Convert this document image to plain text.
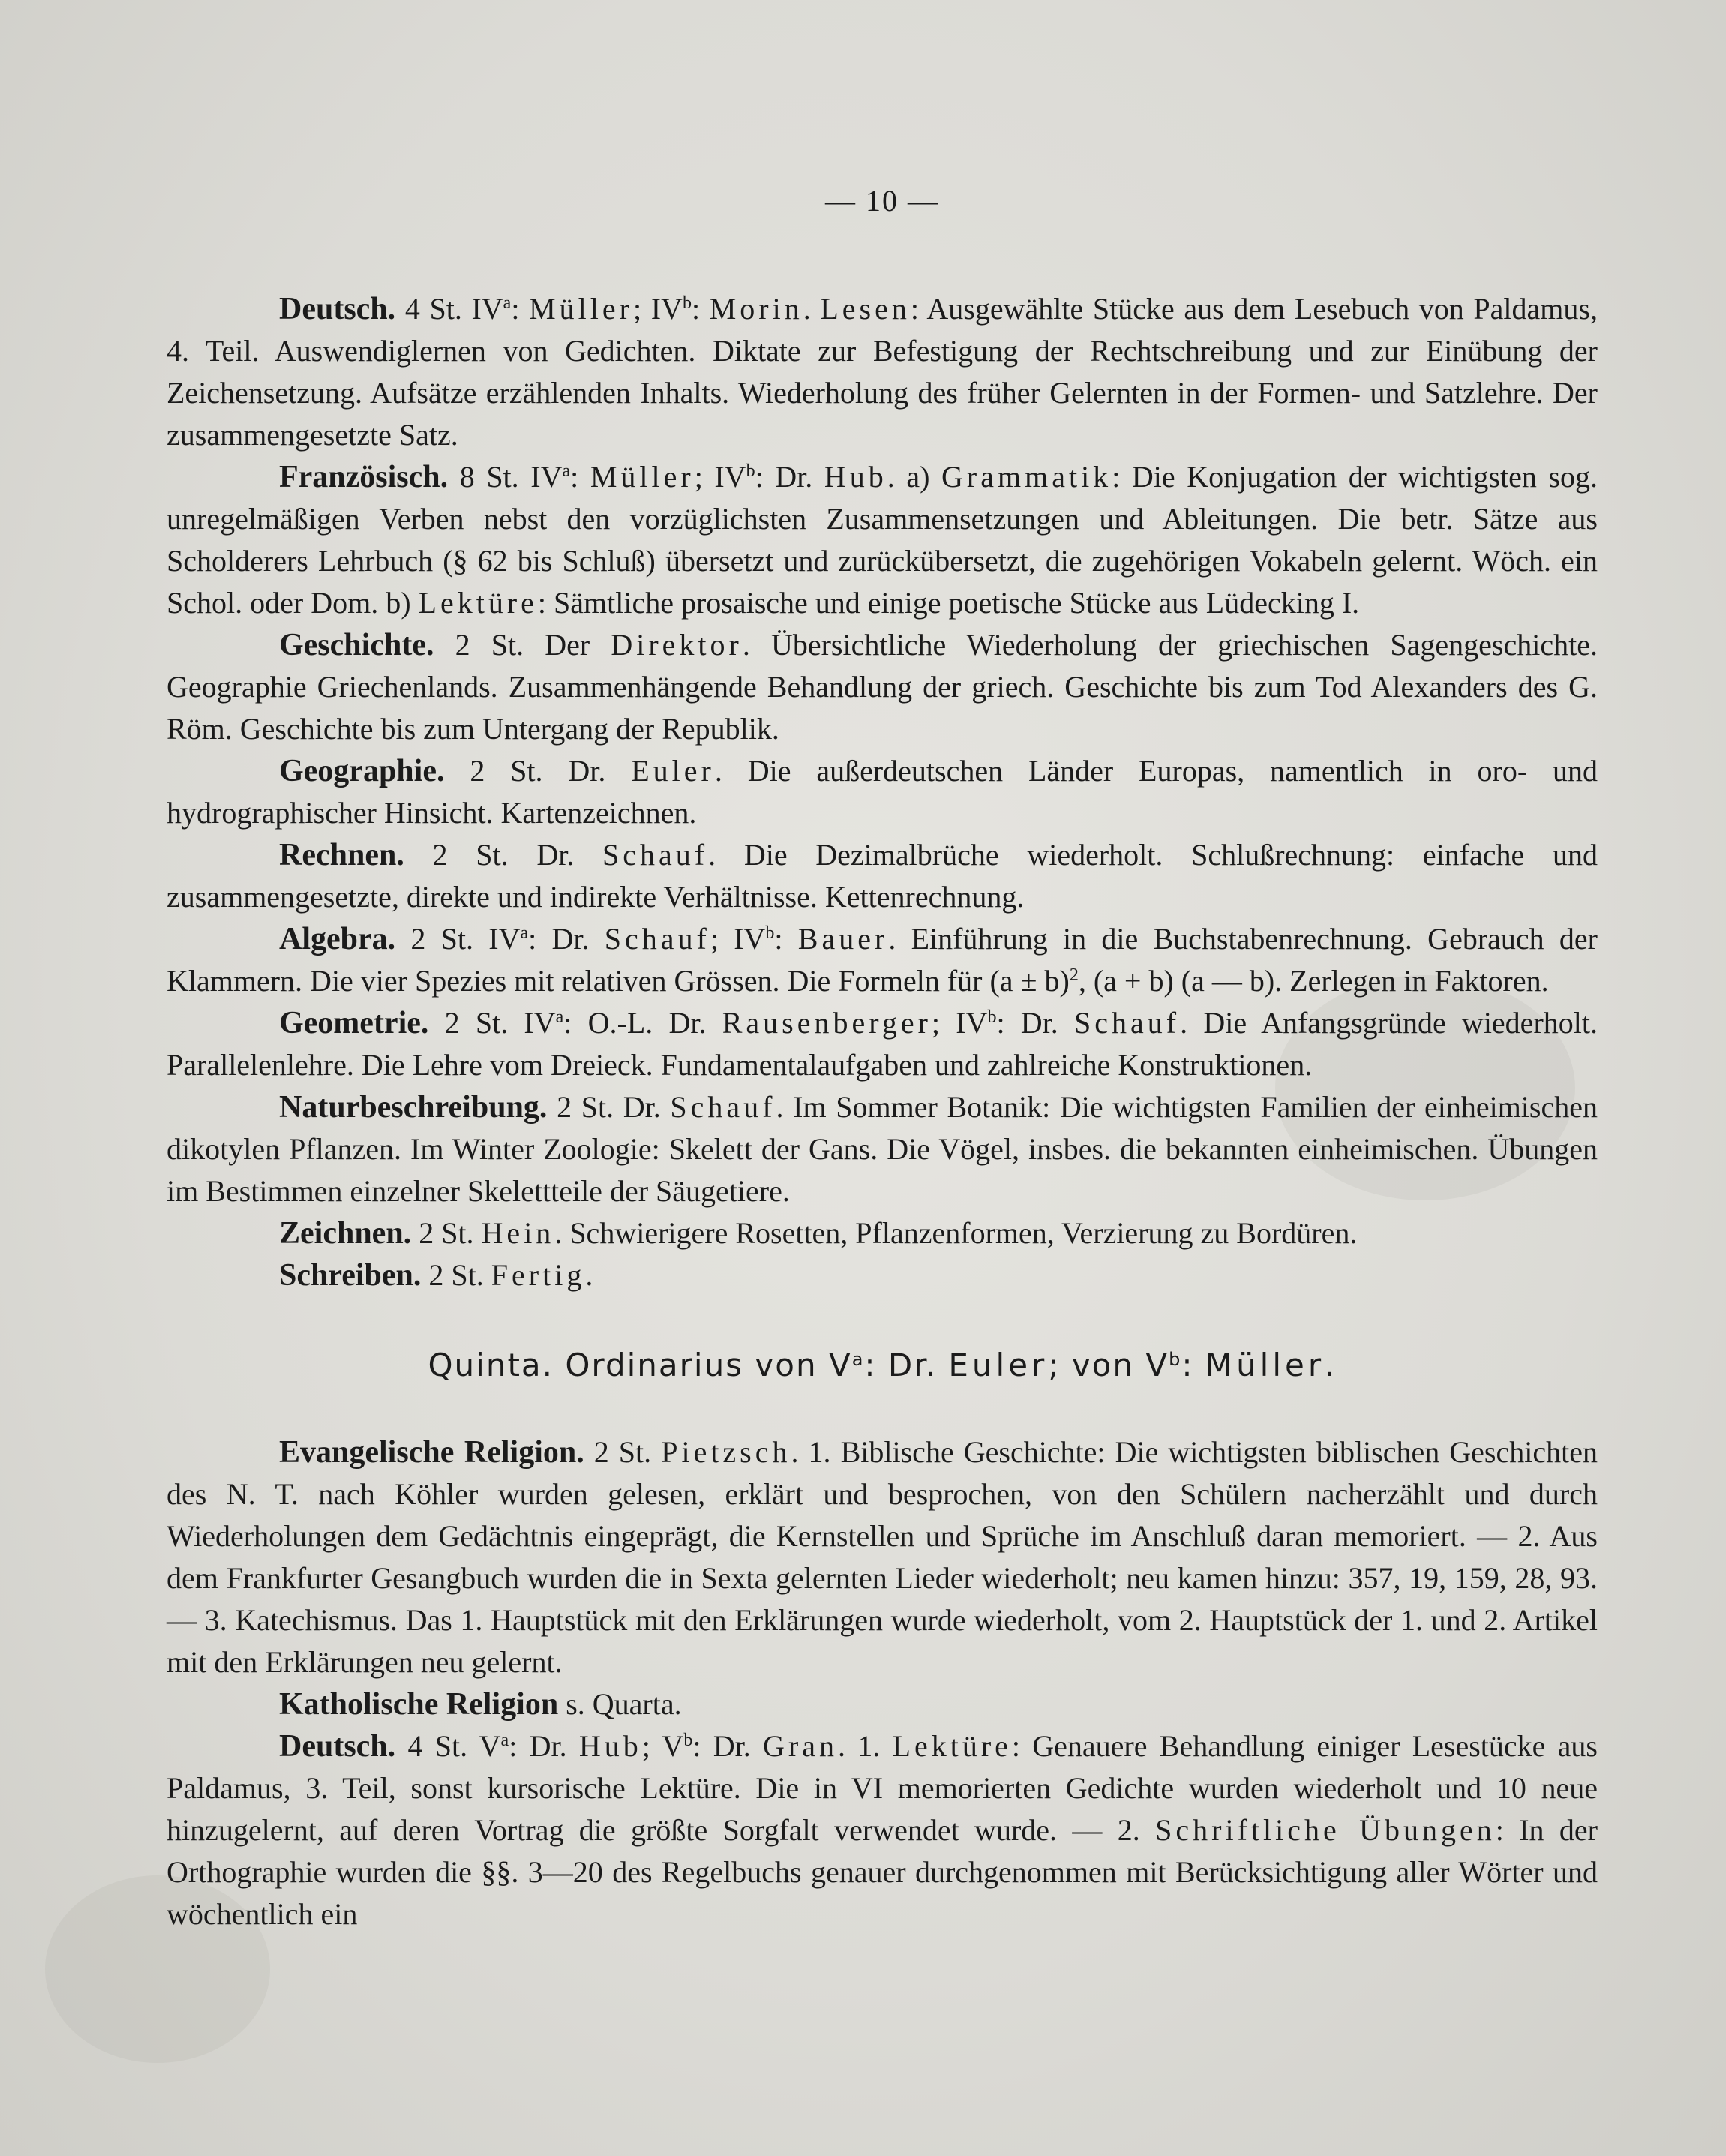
— 10 —

Deutsch. 4 St. $IV^a$: Müller; $IV^b$: Morin. Lesen: Ausgewählte Stücke aus dem Lesebuch von Paldamus, 4. Teil. Auswendiglernen von Gedichten. Diktate zur Befestigung der Rechtschreibung und zur Einübung der Zeichensetzung. Aufsätze erzählenden Inhalts. Wiederholung des früher Gelernten in der Formen- und Satzlehre. Der zusammengesetzte Satz.

Französisch. 8 St. $IV^a$: Müller; $IV^b$: Dr. Hub. a) Grammatik: Die Konjugation der wichtigsten sog. unregelmäßigen Verben nebst den vorzüglichsten Zusammensetzungen und Ableitungen. Die betr. Sätze aus Scholderers Lehrbuch (§ 62 bis Schluß) übersetzt und zurückübersetzt, die zugehörigen Vokabeln gelernt. Wöch. ein Schol. oder Dom. b) Lektüre: Sämtliche prosaische und einige poetische Stücke aus Lüdecking I.

Geschichte. 2 St. Der Direktor. Übersichtliche Wiederholung der griechischen Sagengeschichte. Geographie Griechenlands. Zusammenhängende Behandlung der griech. Geschichte bis zum Tod Alexanders des G. Röm. Geschichte bis zum Untergang der Republik.

Geographie. 2 St. Dr. Euler. Die außerdeutschen Länder Europas, namentlich in oro- und hydrographischer Hinsicht. Kartenzeichnen.

Rechnen. 2 St. Dr. Schauf. Die Dezimalbrüche wiederholt. Schlußrechnung: einfache und zusammengesetzte, direkte und indirekte Verhältnisse. Kettenrechnung.

Algebra. 2 St. $IV^a$: Dr. Schauf; $IV^b$: Bauer. Einführung in die Buchstabenrechnung. Gebrauch der Klammern. Die vier Spezies mit relativen Grössen. Die Formeln für $(a \pm b)^2$, (a + b) (a — b). Zerlegen in Faktoren.

Geometrie. 2 St. $IV^a$: O.-L. Dr. Rausenberger; $IV^b$: Dr. Schauf. Die Anfangsgründe wiederholt. Parallelenlehre. Die Lehre vom Dreieck. Fundamentalaufgaben und zahlreiche Konstruktionen.

Naturbeschreibung. 2 St. Dr. Schauf. Im Sommer Botanik: Die wichtigsten Familien der einheimischen dikotylen Pflanzen. Im Winter Zoologie: Skelett der Gans. Die Vögel, insbes. die bekannten einheimischen. Übungen im Bestimmen einzelner Skelettteile der Säugetiere.

Zeichnen. 2 St. Hein. Schwierigere Rosetten, Pflanzenformen, Verzierung zu Bordüren.

Schreiben. 2 St. Fertig.

Quinta. Ordinarius von $V^a$: Dr. Euler; von $V^b$: Müller.

Evangelische Religion. 2 St. Pietzsch. 1. Biblische Geschichte: Die wichtigsten biblischen Geschichten des N. T. nach Köhler wurden gelesen, erklärt und besprochen, von den Schülern nacherzählt und durch Wiederholungen dem Gedächtnis eingeprägt, die Kernstellen und Sprüche im Anschluß daran memoriert. — 2. Aus dem Frankfurter Gesangbuch wurden die in Sexta gelernten Lieder wiederholt; neu kamen hinzu: 357, 19, 159, 28, 93. — 3. Katechismus. Das 1. Hauptstück mit den Erklärungen wurde wiederholt, vom 2. Hauptstück der 1. und 2. Artikel mit den Erklärungen neu gelernt.

Katholische Religion s. Quarta.

Deutsch. 4 St. $V^a$: Dr. Hub; $V^b$: Dr. Gran. 1. Lektüre: Genauere Behandlung einiger Lesestücke aus Paldamus, 3. Teil, sonst kursorische Lektüre. Die in VI memorierten Gedichte wurden wiederholt und 10 neue hinzugelernt, auf deren Vortrag die größte Sorgfalt verwendet wurde. — 2. Schriftliche Übungen: In der Orthographie wurden die §§. 3—20 des Regelbuchs genauer durchgenommen mit Berücksichtigung aller Wörter und wöchentlich ein
